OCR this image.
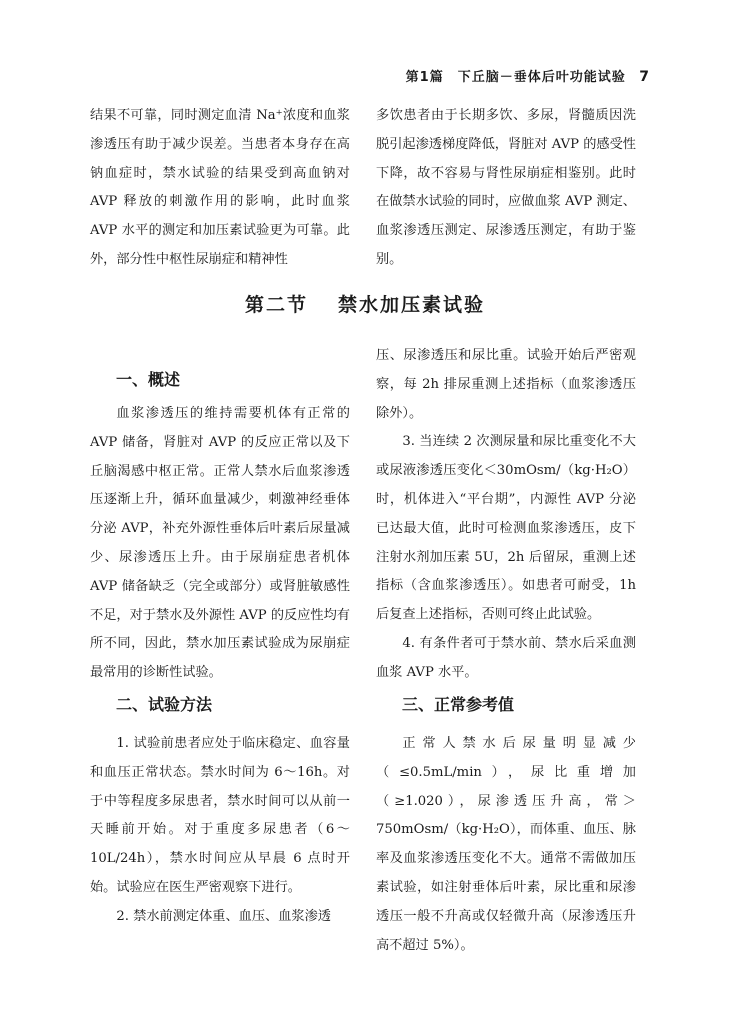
第1篇　下丘脑－垂体后叶功能试验 7

结果不可靠，同时测定血清 Na⁺浓度和血浆渗透压有助于减少误差。当患者本身存在高钠血症时，禁水试验的结果受到高血钠对 AVP 释放的刺激作用的影响，此时血浆 AVP 水平的测定和加压素试验更为可靠。此外，部分性中枢性尿崩症和精神性

多饮患者由于长期多饮、多尿，肾髓质因洗脱引起渗透梯度降低，肾脏对 AVP 的感受性下降，故不容易与肾性尿崩症相鉴别。此时在做禁水试验的同时，应做血浆 AVP 测定、血浆渗透压测定、尿渗透压测定，有助于鉴别。

第二节 禁水加压素试验
一、概述

血浆渗透压的维持需要机体有正常的 AVP 储备，肾脏对 AVP 的反应正常以及下丘脑渴感中枢正常。正常人禁水后血浆渗透压逐渐上升，循环血量减少，刺激神经垂体分泌 AVP，补充外源性垂体后叶素后尿量减少、尿渗透压上升。由于尿崩症患者机体 AVP 储备缺乏（完全或部分）或肾脏敏感性不足，对于禁水及外源性 AVP 的反应性均有所不同，因此，禁水加压素试验成为尿崩症最常用的诊断性试验。

二、试验方法

1. 试验前患者应处于临床稳定、血容量和血压正常状态。禁水时间为 6～16h。对于中等程度多尿患者，禁水时间可以从前一天睡前开始。对于重度多尿患者（6～10L/24h），禁水时间应从早晨 6 点时开始。试验应在医生严密观察下进行。

2. 禁水前测定体重、血压、血浆渗透

压、尿渗透压和尿比重。试验开始后严密观察，每 2h 排尿重测上述指标（血浆渗透压除外）。

3. 当连续 2 次测尿量和尿比重变化不大或尿液渗透压变化＜30mOsm/（kg·H₂O）时，机体进入“平台期”，内源性 AVP 分泌已达最大值，此时可检测血浆渗透压，皮下注射水剂加压素 5U，2h 后留尿，重测上述指标（含血浆渗透压）。如患者可耐受，1h 后复查上述指标，否则可终止此试验。

4. 有条件者可于禁水前、禁水后采血测血浆 AVP 水平。

三、正常参考值

正常人禁水后尿量明显减少（≤0.5mL/min），尿比重增加（≥1.020），尿渗透压升高，常＞750mOsm/（kg·H₂O），而体重、血压、脉率及血浆渗透压变化不大。通常不需做加压素试验，如注射垂体后叶素，尿比重和尿渗透压一般不升高或仅轻微升高（尿渗透压升高不超过 5%）。
